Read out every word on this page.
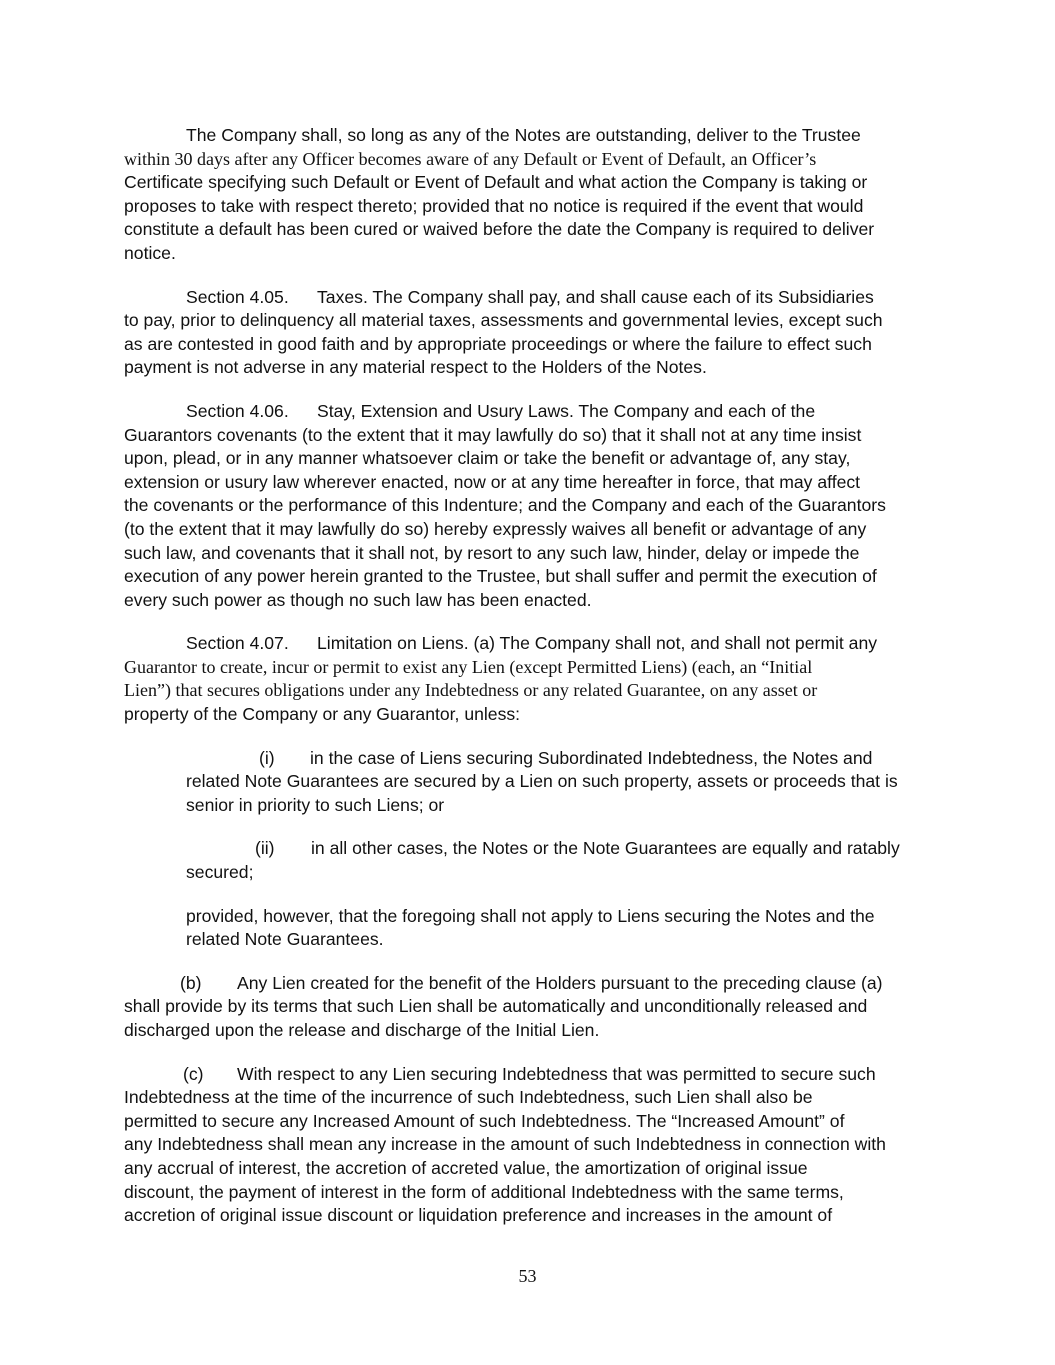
The Company shall, so long as any of the Notes are outstanding, deliver to the Trustee
within 30 days after any Officer becomes aware of any Default or Event of Default, an Officer’s
Certificate specifying such Default or Event of Default and what action the Company is taking or
proposes to take with respect thereto; provided that no notice is required if the event that would
constitute a default has been cured or waived before the date the Company is required to deliver
notice.
Section 4.05. Taxes. The Company shall pay, and shall cause each of its Subsidiaries
to pay, prior to delinquency all material taxes, assessments and governmental levies, except such
as are contested in good faith and by appropriate proceedings or where the failure to effect such
payment is not adverse in any material respect to the Holders of the Notes.
Section 4.06. Stay, Extension and Usury Laws. The Company and each of the
Guarantors covenants (to the extent that it may lawfully do so) that it shall not at any time insist
upon, plead, or in any manner whatsoever claim or take the benefit or advantage of, any stay,
extension or usury law wherever enacted, now or at any time hereafter in force, that may affect
the covenants or the performance of this Indenture; and the Company and each of the Guarantors
(to the extent that it may lawfully do so) hereby expressly waives all benefit or advantage of any
such law, and covenants that it shall not, by resort to any such law, hinder, delay or impede the
execution of any power herein granted to the Trustee, but shall suffer and permit the execution of
every such power as though no such law has been enacted.
Section 4.07. Limitation on Liens. (a) The Company shall not, and shall not permit any
Guarantor to create, incur or permit to exist any Lien (except Permitted Liens) (each, an “Initial
Lien”) that secures obligations under any Indebtedness or any related Guarantee, on any asset or
property of the Company or any Guarantor, unless:
(i) in the case of Liens securing Subordinated Indebtedness, the Notes and
related Note Guarantees are secured by a Lien on such property, assets or proceeds that is
senior in priority to such Liens; or
(ii) in all other cases, the Notes or the Note Guarantees are equally and ratably
secured;
provided, however, that the foregoing shall not apply to Liens securing the Notes and the
related Note Guarantees.
(b) Any Lien created for the benefit of the Holders pursuant to the preceding clause (a)
shall provide by its terms that such Lien shall be automatically and unconditionally released and
discharged upon the release and discharge of the Initial Lien.
(c) With respect to any Lien securing Indebtedness that was permitted to secure such
Indebtedness at the time of the incurrence of such Indebtedness, such Lien shall also be
permitted to secure any Increased Amount of such Indebtedness. The “Increased Amount” of
any Indebtedness shall mean any increase in the amount of such Indebtedness in connection with
any accrual of interest, the accretion of accreted value, the amortization of original issue
discount, the payment of interest in the form of additional Indebtedness with the same terms,
accretion of original issue discount or liquidation preference and increases in the amount of
53
